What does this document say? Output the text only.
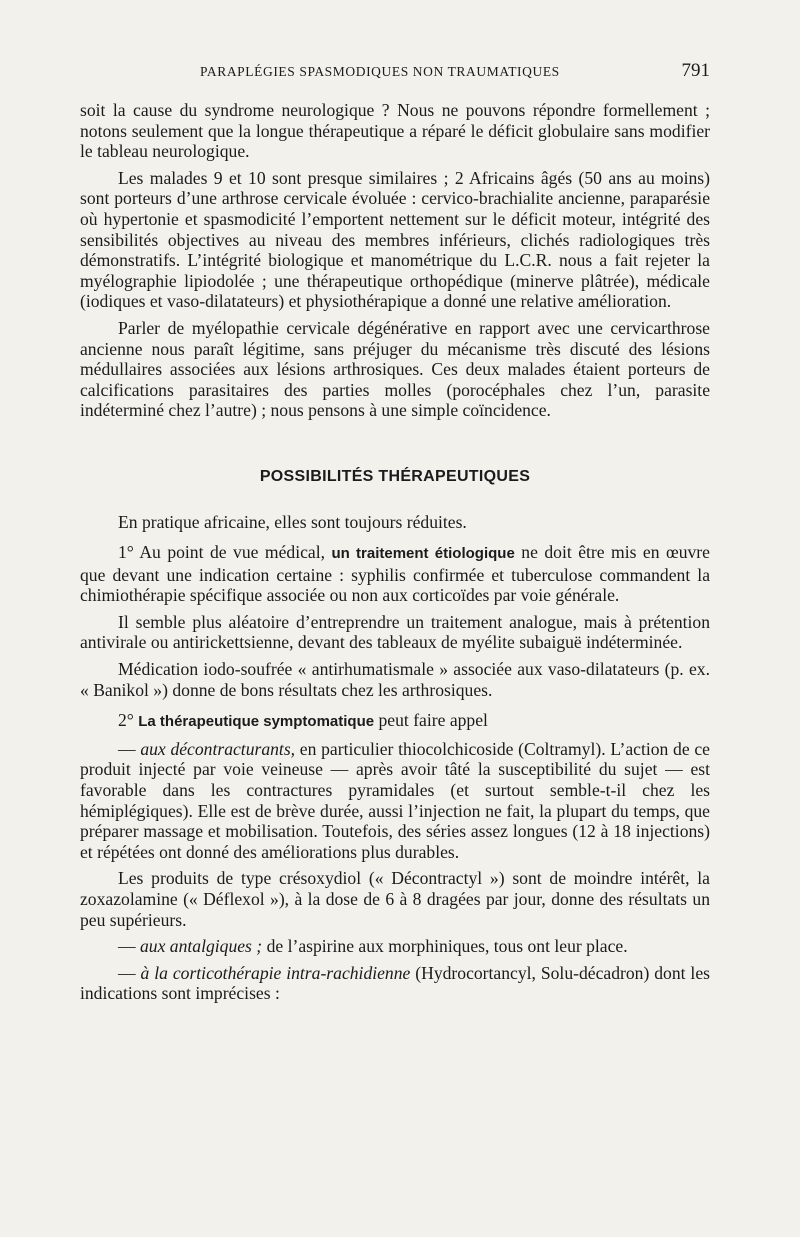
PARAPLÉGIES SPASMODIQUES NON TRAUMATIQUES	791

soit la cause du syndrome neurologique ? Nous ne pouvons répondre formellement ; notons seulement que la longue thérapeutique a réparé le déficit globulaire sans modifier le tableau neurologique.

Les malades 9 et 10 sont presque similaires ; 2 Africains âgés (50 ans au moins) sont porteurs d’une arthrose cervicale évoluée : cervico-brachialite ancienne, paraparésie où hypertonie et spasmodicité l’emportent nettement sur le déficit moteur, intégrité des sensibilités objectives au niveau des membres inférieurs, clichés radiologiques très démonstratifs. L’intégrité biologique et manométrique du L.C.R. nous a fait rejeter la myélographie lipiodolée ; une thérapeutique orthopédique (minerve plâtrée), médicale (iodiques et vaso-dilatateurs) et physiothérapique a donné une relative amélioration.

Parler de myélopathie cervicale dégénérative en rapport avec une cervicarthrose ancienne nous paraît légitime, sans préjuger du mécanisme très discuté des lésions médullaires associées aux lésions arthrosiques. Ces deux malades étaient porteurs de calcifications parasitaires des parties molles (porocéphales chez l’un, parasite indéterminé chez l’autre) ; nous pensons à une simple coïncidence.

POSSIBILITÉS THÉRAPEUTIQUES

En pratique africaine, elles sont toujours réduites.

1° Au point de vue médical, un traitement étiologique ne doit être mis en œuvre que devant une indication certaine : syphilis confirmée et tuberculose commandent la chimiothérapie spécifique associée ou non aux corticoïdes par voie générale.

Il semble plus aléatoire d’entreprendre un traitement analogue, mais à prétention antivirale ou antirickettsienne, devant des tableaux de myélite subaiguë indéterminée.

Médication iodo-soufrée « antirhumatismale » associée aux vaso-dilatateurs (p. ex. « Banikol ») donne de bons résultats chez les arthrosiques.

2° La thérapeutique symptomatique peut faire appel

— aux décontracturants, en particulier thiocolchicoside (Coltramyl). L’action de ce produit injecté par voie veineuse — après avoir tâté la susceptibilité du sujet — est favorable dans les contractures pyramidales (et surtout semble-t-il chez les hémiplégiques). Elle est de brève durée, aussi l’injection ne fait, la plupart du temps, que préparer massage et mobilisation. Toutefois, des séries assez longues (12 à 18 injections) et répétées ont donné des améliorations plus durables.

Les produits de type crésoxydiol (« Décontractyl ») sont de moindre intérêt, la zoxazolamine (« Déflexol »), à la dose de 6 à 8 dragées par jour, donne des résultats un peu supérieurs.

— aux antalgiques ; de l’aspirine aux morphiniques, tous ont leur place.

— à la corticothérapie intra-rachidienne (Hydrocortancyl, Solu-décadron) dont les indications sont imprécises :
